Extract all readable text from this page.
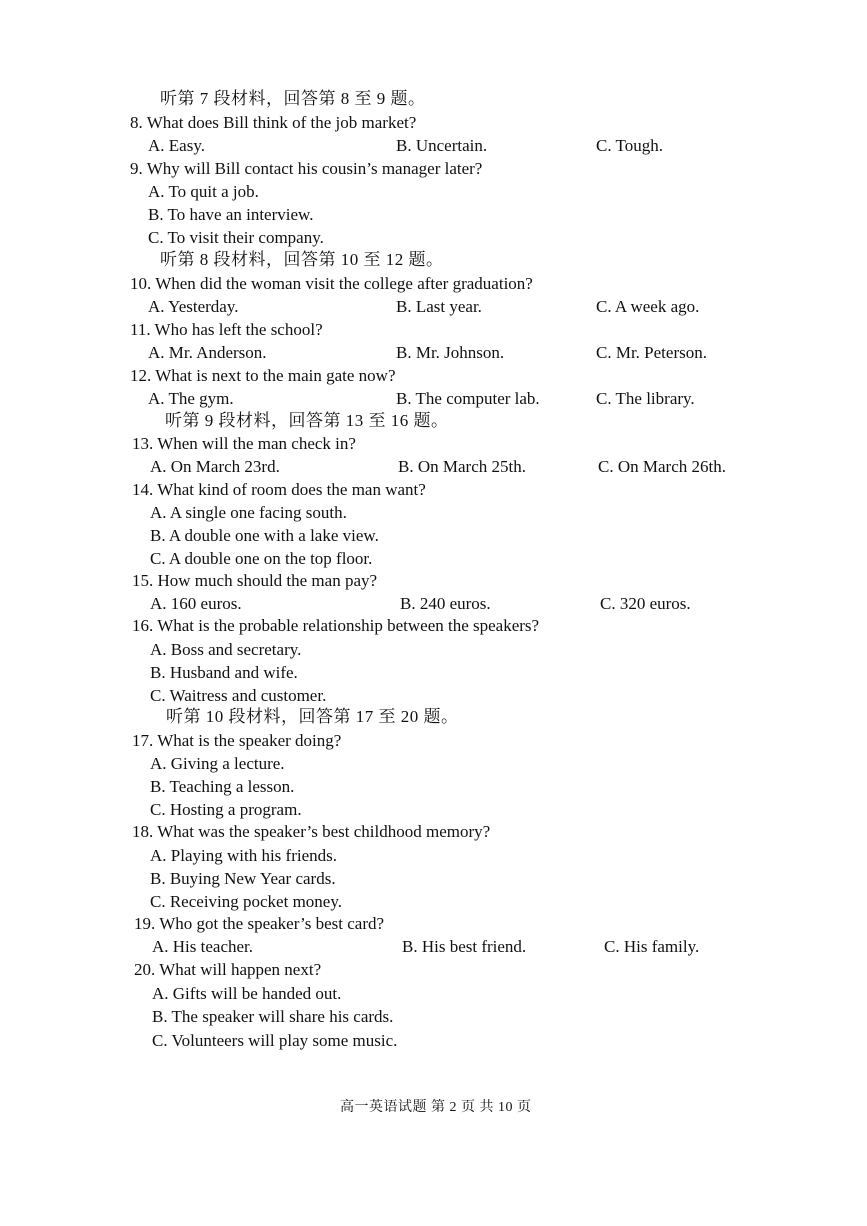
听第 7 段材料，回答第 8 至 9 题。
8. What does Bill think of the job market?
A. Easy.	B. Uncertain.	C. Tough.
9. Why will Bill contact his cousin’s manager later?
A. To quit a job.
B. To have an interview.
C. To visit their company.
听第 8 段材料，回答第 10 至 12 题。
10. When did the woman visit the college after graduation?
A. Yesterday.	B. Last year.	C. A week ago.
11. Who has left the school?
A. Mr. Anderson.	B. Mr. Johnson.	C. Mr. Peterson.
12. What is next to the main gate now?
A. The gym.	B. The computer lab.	C. The library.
听第 9 段材料，回答第 13 至 16 题。
13. When will the man check in?
A. On March 23rd.	B. On March 25th.	C. On March 26th.
14. What kind of room does the man want?
A. A single one facing south.
B. A double one with a lake view.
C. A double one on the top floor.
15. How much should the man pay?
A. 160 euros.	B. 240 euros.	C. 320 euros.
16. What is the probable relationship between the speakers?
A. Boss and secretary.
B. Husband and wife.
C. Waitress and customer.
听第 10 段材料，回答第 17 至 20 题。
17. What is the speaker doing?
A. Giving a lecture.
B. Teaching a lesson.
C. Hosting a program.
18. What was the speaker’s best childhood memory?
A. Playing with his friends.
B. Buying New Year cards.
C. Receiving pocket money.
19. Who got the speaker’s best card?
A. His teacher.	B. His best friend.	C. His family.
20. What will happen next?
A. Gifts will be handed out.
B. The speaker will share his cards.
C. Volunteers will play some music.
高一英语试题 第 2 页 共 10 页
